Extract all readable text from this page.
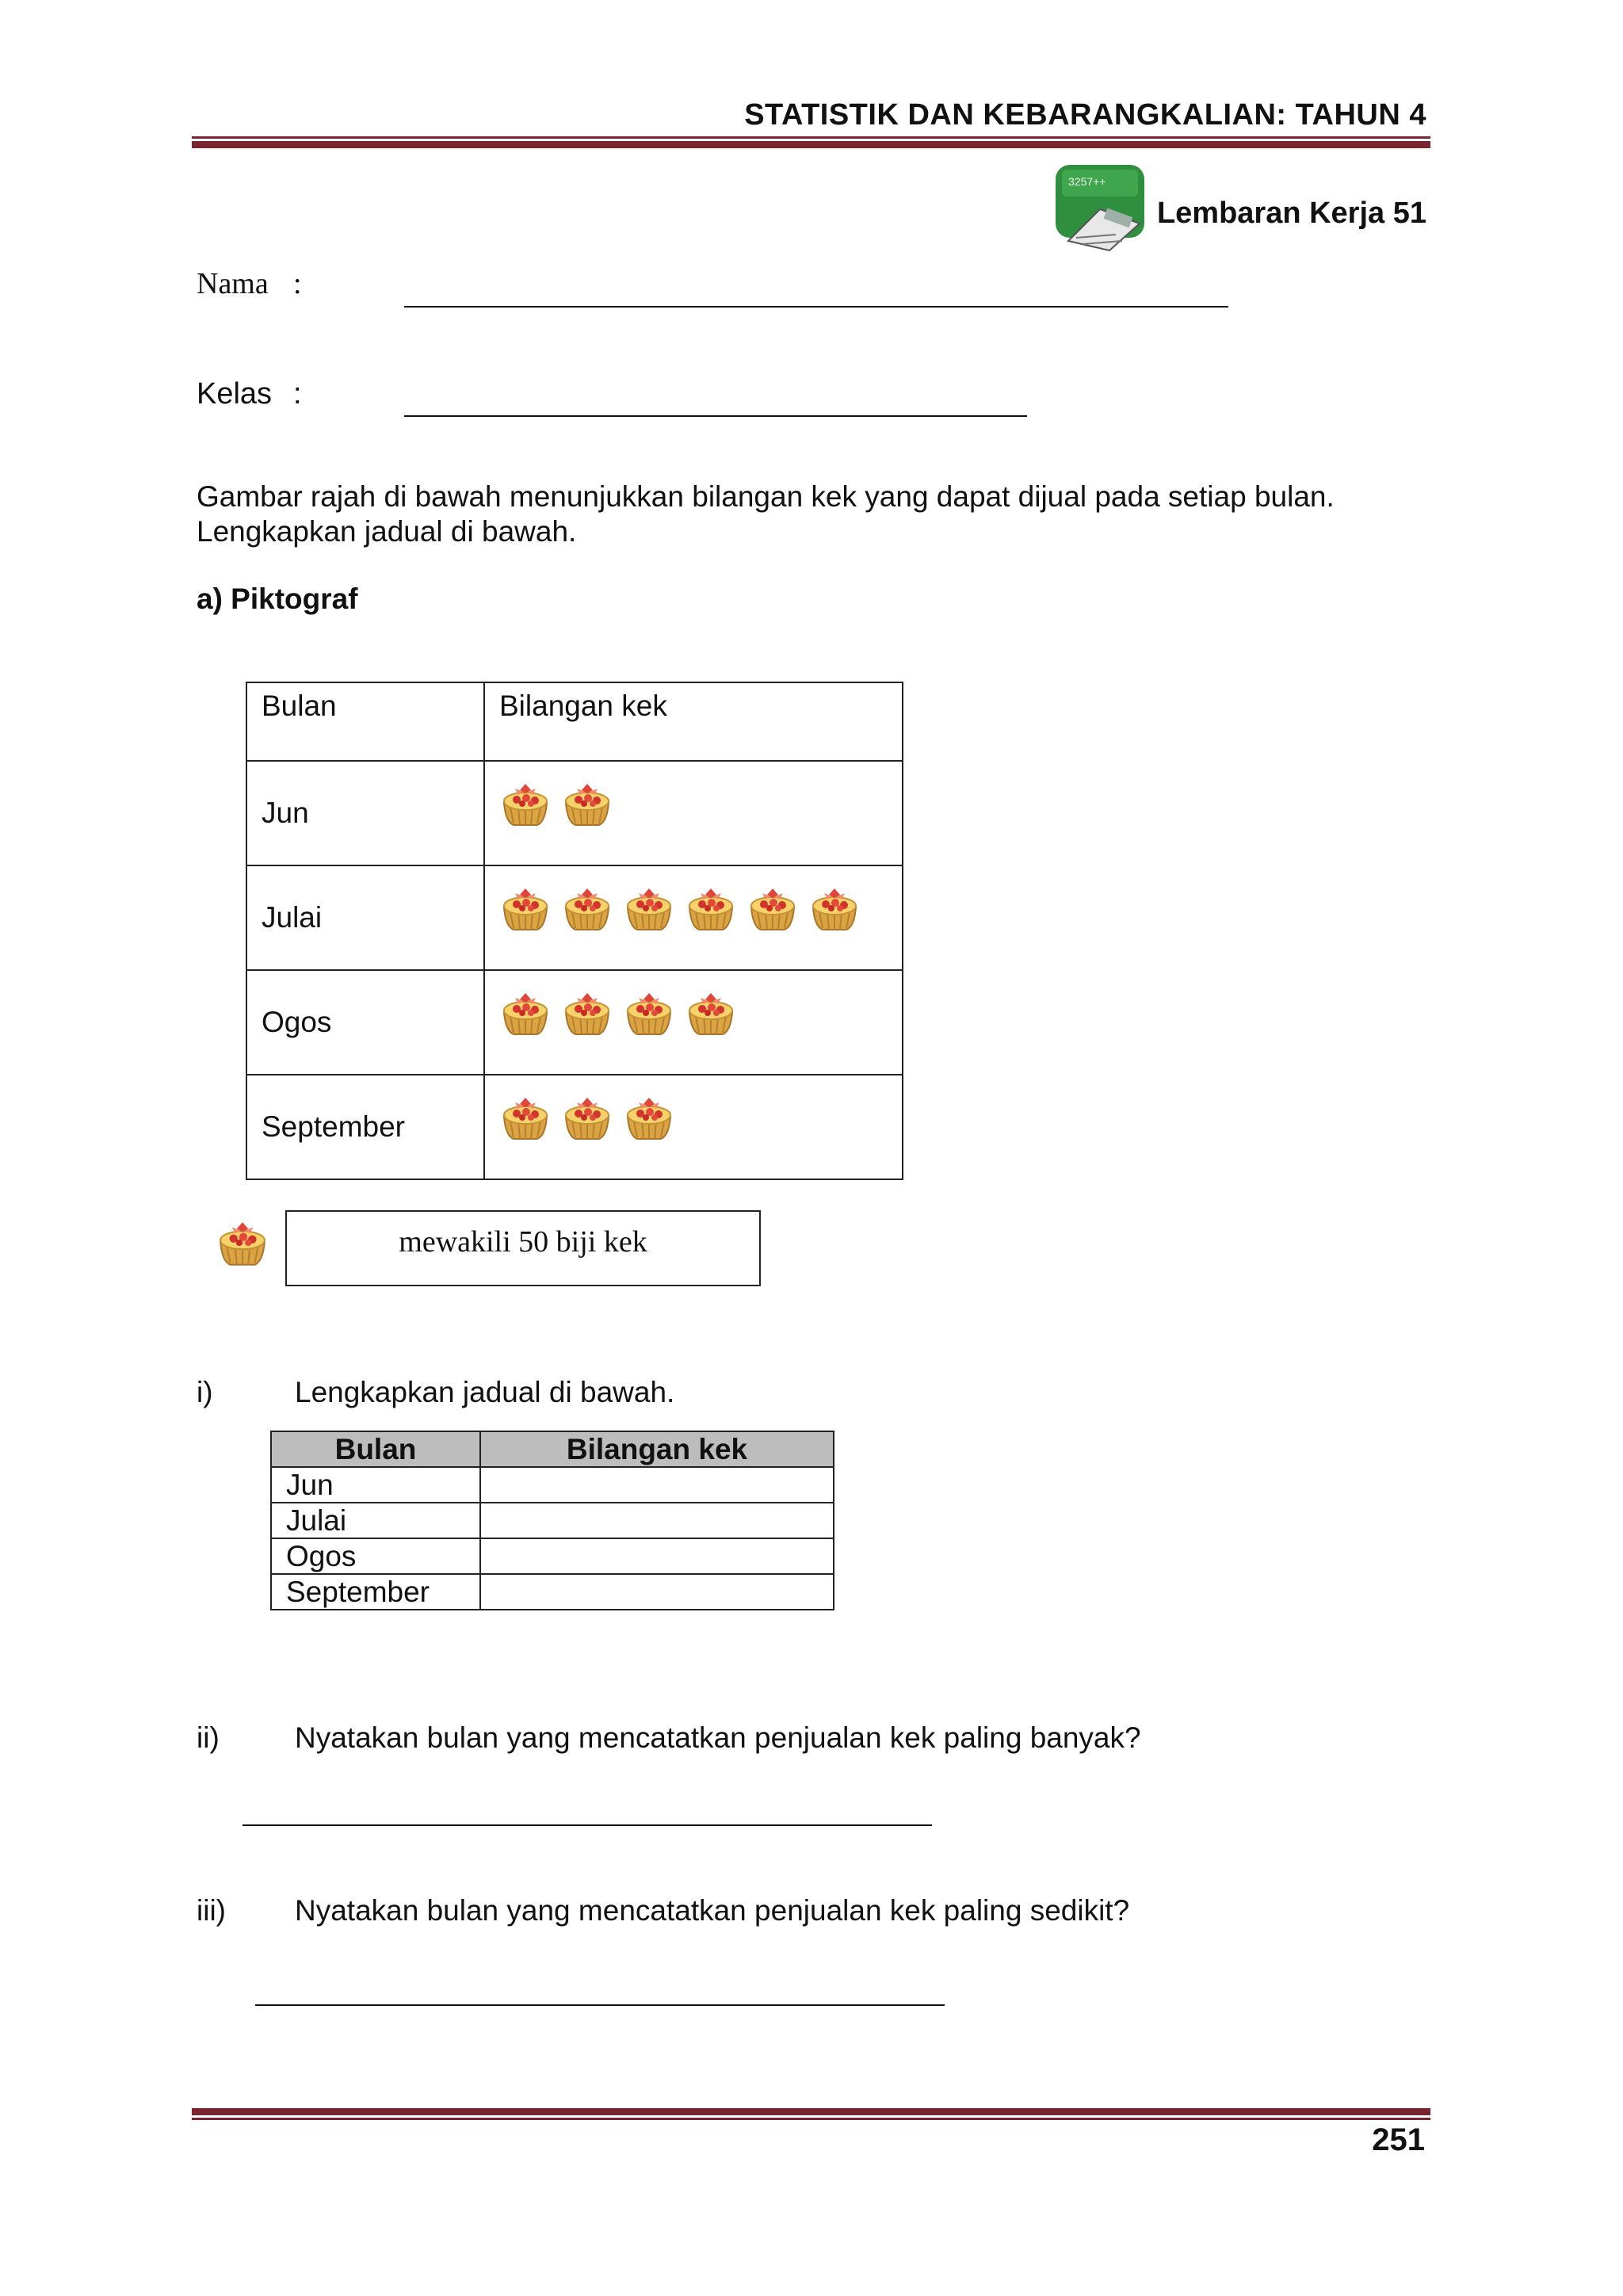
STATISTIK DAN KEBARANGKALIAN: TAHUN 4
3257++
Lembaran Kerja 51
Nama :
Kelas :
Gambar rajah di bawah menunjukkan bilangan kek yang dapat dijual pada setiap bulan.
Lengkapkan jadual di bawah.
a) Piktograf
Bulan	Bilangan kek
Jun	

Julai	

Ogos	

September	
mewakili 50 biji kek
i)	Lengkapkan jadual di bawah.
Bulan	Bilangan kek
Jun	
Julai	
Ogos	
September	
ii)	Nyatakan bulan yang mencatatkan penjualan kek paling banyak?
iii) Nyatakan bulan yang mencatatkan penjualan kek paling sedikit?
251
